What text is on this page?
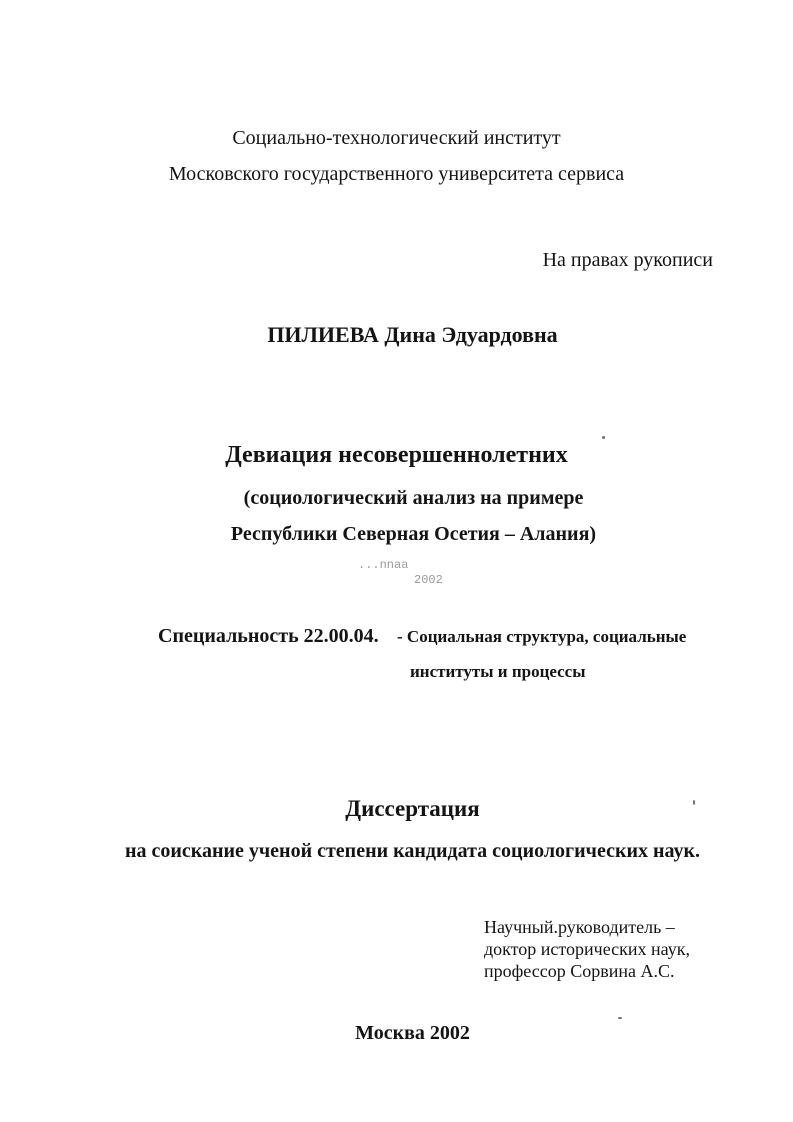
Социально-технологический институт
Московского государственного университета сервиса
На правах рукописи
ПИЛИЕВА Дина Эдуардовна
Девиация несовершеннолетних
(социологический анализ на примере
Республики Северная Осетия – Алания)
...nnaa
2002
Специальность 22.00.04. - Социальная структура, социальные
институты и процессы
Диссертация
на соискание ученой степени кандидата социологических наук.
Научный.руководитель –
доктор исторических наук,
профессор Сорвина А.С.
Москва 2002
